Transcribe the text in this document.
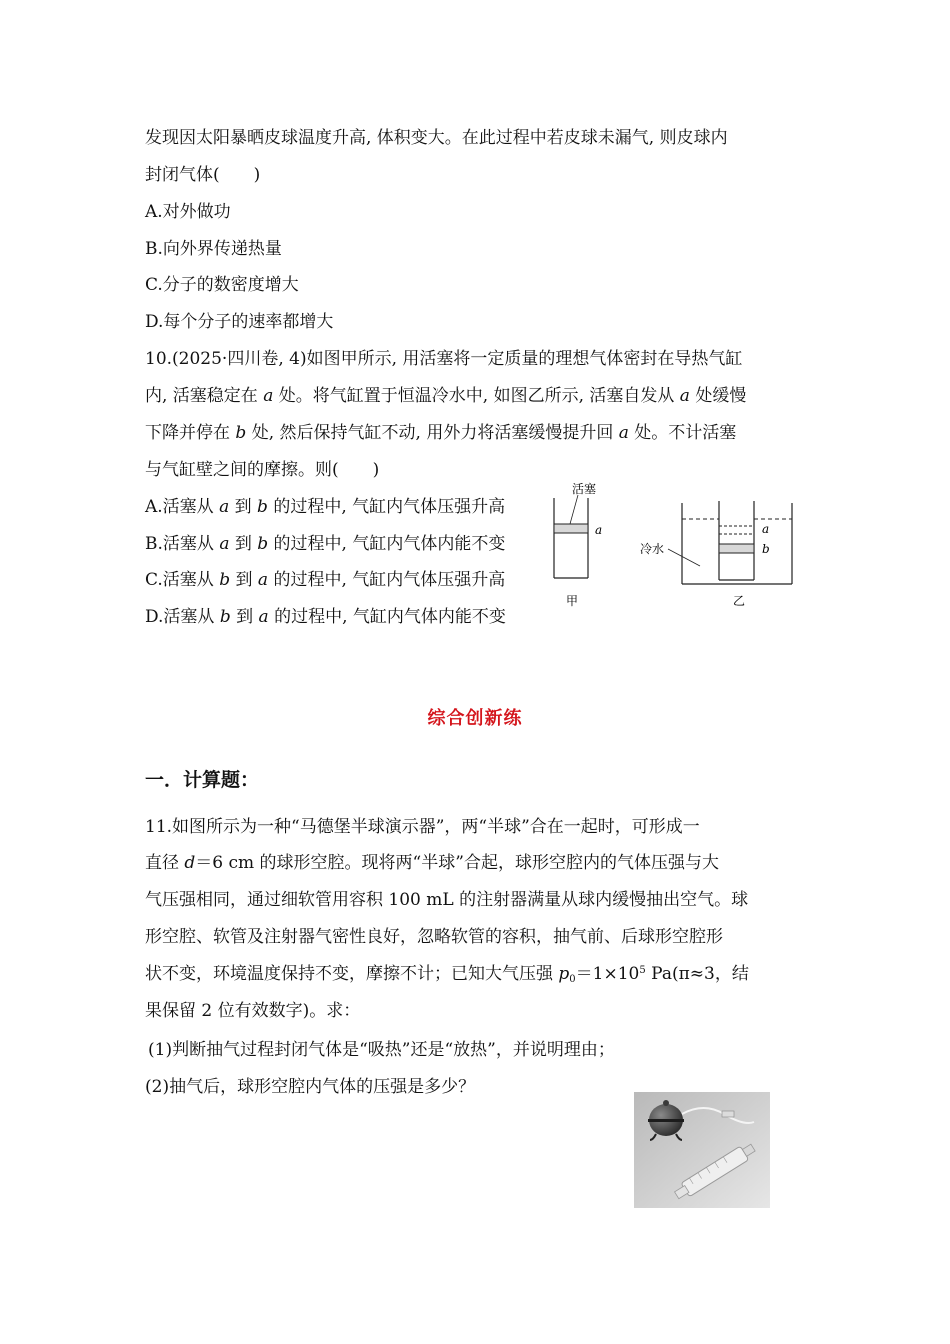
发现因太阳暴晒皮球温度升高, 体积变大。在此过程中若皮球未漏气, 则皮球内
封闭气体(　　)
A.对外做功
B.向外界传递热量
C.分子的数密度增大
D.每个分子的速率都增大
10.(2025·四川卷, 4)如图甲所示, 用活塞将一定质量的理想气体密封在导热气缸
内, 活塞稳定在 a 处。将气缸置于恒温冷水中, 如图乙所示, 活塞自发从 a 处缓慢
下降并停在 b 处, 然后保持气缸不动, 用外力将活塞缓慢提升回 a 处。不计活塞
与气缸壁之间的摩擦。则(　　)
A.活塞从 a 到 b 的过程中, 气缸内气体压强升高
B.活塞从 a 到 b 的过程中, 气缸内气体内能不变
C.活塞从 b 到 a 的过程中, 气缸内气体压强升高
D.活塞从 b 到 a 的过程中, 气缸内气体内能不变
活塞
a
甲
a
b
冷水
乙
综合创新练
一．计算题：
11.如图所示为一种“马德堡半球演示器”，两“半球”合在一起时，可形成一
直径 d＝6 cm 的球形空腔。现将两“半球”合起，球形空腔内的气体压强与大
气压强相同，通过细软管用容积 100 mL 的注射器满量从球内缓慢抽出空气。球
形空腔、软管及注射器气密性良好，忽略软管的容积，抽气前、后球形空腔形
状不变，环境温度保持不变，摩擦不计；已知大气压强 $p_0=1\times 10^5$ Pa(π≈3，结
果保留 2 位有效数字)。求：
(1)判断抽气过程封闭气体是“吸热”还是“放热”，并说明理由；
(2)抽气后，球形空腔内气体的压强是多少？
